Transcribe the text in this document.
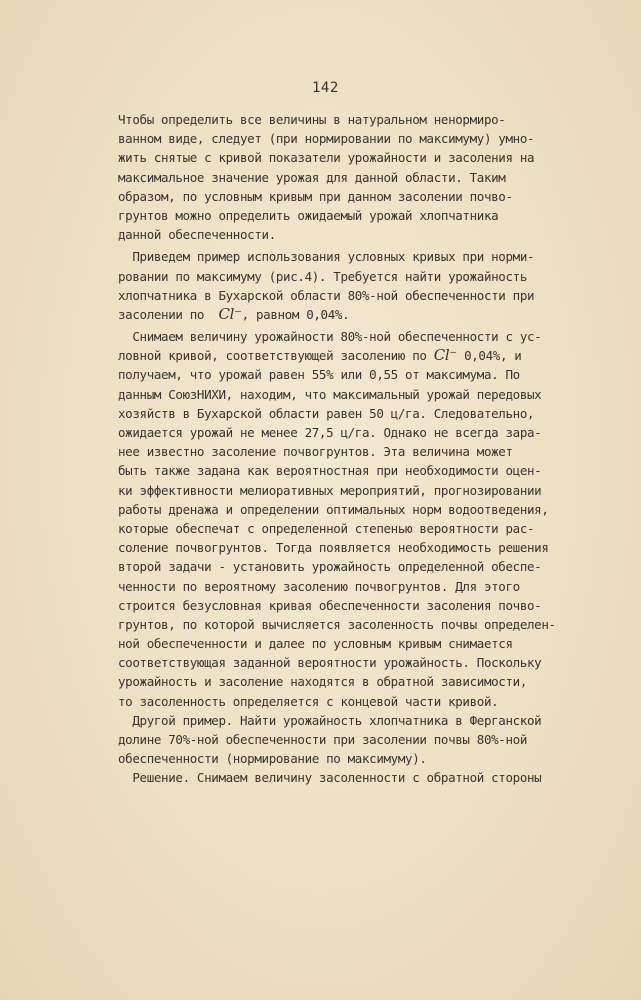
142
Чтобы определить все величины в натуральном ненормиро-
ванном виде, следует (при нормировании по максимуму) умно-
жить снятые с кривой показатели урожайности и засоления на
максимальное значение урожая для данной области. Таким
образом, по условным кривым при данном засолении почво-
грунтов можно определить ожидаемый урожай хлопчатника
данной обеспеченности.
Приведем пример использования условных кривых при норми-
ровании по максимуму (рис.4). Требуется найти урожайность
хлопчатника в Бухарской области 80%-ной обеспеченности при
засолении по  Cl⁻, равном 0,04%.
Снимаем величину урожайности 80%-ной обеспеченности с ус-
ловной кривой, соответствующей засолению по Cl⁻ 0,04%, и
получаем, что урожай равен 55% или 0,55 от максимума. По
данным СоюзНИХИ, находим, что максимальный урожай передовых
хозяйств в Бухарской области равен 50 ц/га. Следовательно,
ожидается урожай не менее 27,5 ц/га. Однако не всегда зара-
нее известно засоление почвогрунтов. Эта величина может
быть также задана как вероятностная при необходимости оцен-
ки эффективности мелиоративных мероприятий, прогнозировании
работы дренажа и определении оптимальных норм водоотведения,
которые обеспечат с определенной степенью вероятности рас-
соление почвогрунтов. Тогда появляется необходимость решения
второй задачи - установить урожайность определенной обеспе-
ченности по вероятному засолению почвогрунтов. Для этого
строится безусловная кривая обеспеченности засоления почво-
грунтов, по которой вычисляется засоленность почвы определен-
ной обеспеченности и далее по условным кривым снимается
соответствующая заданной вероятности урожайность. Поскольку
урожайность и засоление находятся в обратной зависимости,
то засоленность определяется с концевой части кривой.
Другой пример. Найти урожайность хлопчатника в Ферганской
долине 70%-ной обеспеченности при засолении почвы 80%-ной
обеспеченности (нормирование по максимуму).
Решение. Снимаем величину засоленности с обратной стороны
